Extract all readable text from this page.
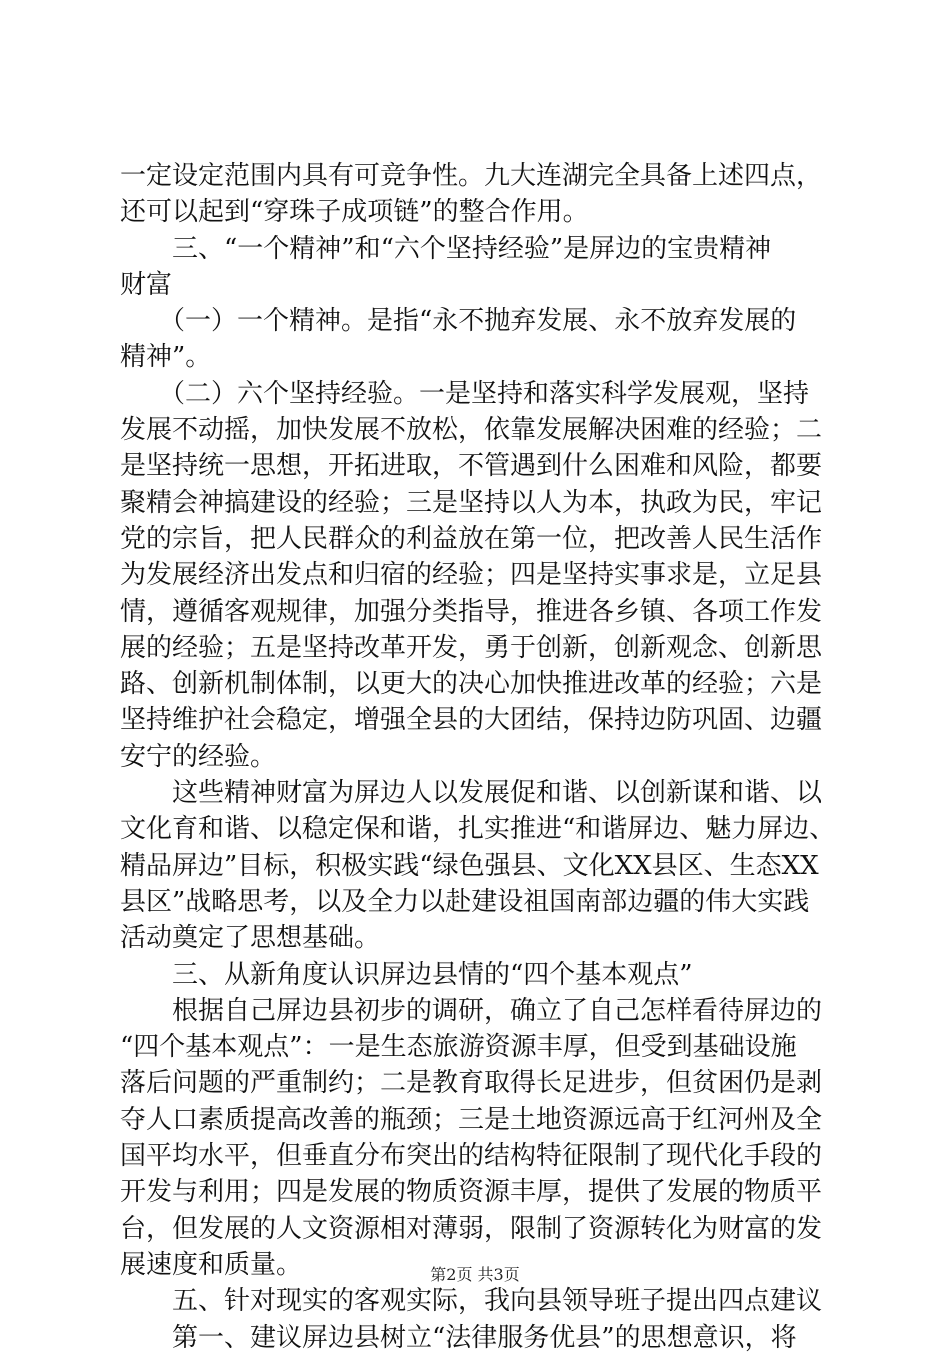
一定设定范围内具有可竞争性。九大连湖完全具备上述四点，
还可以起到“穿珠子成项链”的整合作用。
　　三、“一个精神”和“六个坚持经验”是屏边的宝贵精神
财富
　　（一）一个精神。是指“永不抛弃发展、永不放弃发展的
精神”。
　　（二）六个坚持经验。一是坚持和落实科学发展观，坚持
发展不动摇，加快发展不放松，依靠发展解决困难的经验；二
是坚持统一思想，开拓进取，不管遇到什么困难和风险，都要
聚精会神搞建设的经验；三是坚持以人为本，执政为民，牢记
党的宗旨，把人民群众的利益放在第一位，把改善人民生活作
为发展经济出发点和归宿的经验；四是坚持实事求是，立足县
情，遵循客观规律，加强分类指导，推进各乡镇、各项工作发
展的经验；五是坚持改革开发，勇于创新，创新观念、创新思
路、创新机制体制，以更大的决心加快推进改革的经验；六是
坚持维护社会稳定，增强全县的大团结，保持边防巩固、边疆
安宁的经验。
　　这些精神财富为屏边人以发展促和谐、以创新谋和谐、以
文化育和谐、以稳定保和谐，扎实推进“和谐屏边、魅力屏边、
精品屏边”目标，积极实践“绿色强县、文化XX县区、生态XX
县区”战略思考，以及全力以赴建设祖国南部边疆的伟大实践
活动奠定了思想基础。
　　三、从新角度认识屏边县情的“四个基本观点”
　　根据自己屏边县初步的调研，确立了自己怎样看待屏边的
“四个基本观点”：一是生态旅游资源丰厚，但受到基础设施
落后问题的严重制约；二是教育取得长足进步，但贫困仍是剥
夺人口素质提高改善的瓶颈；三是土地资源远高于红河州及全
国平均水平，但垂直分布突出的结构特征限制了现代化手段的
开发与利用；四是发展的物质资源丰厚，提供了发展的物质平
台，但发展的人文资源相对薄弱，限制了资源转化为财富的发
展速度和质量。
　　五、针对现实的客观实际，我向县领导班子提出四点建议
　　第一、建议屏边县树立“法律服务优县”的思想意识，将
第2页 共3页
